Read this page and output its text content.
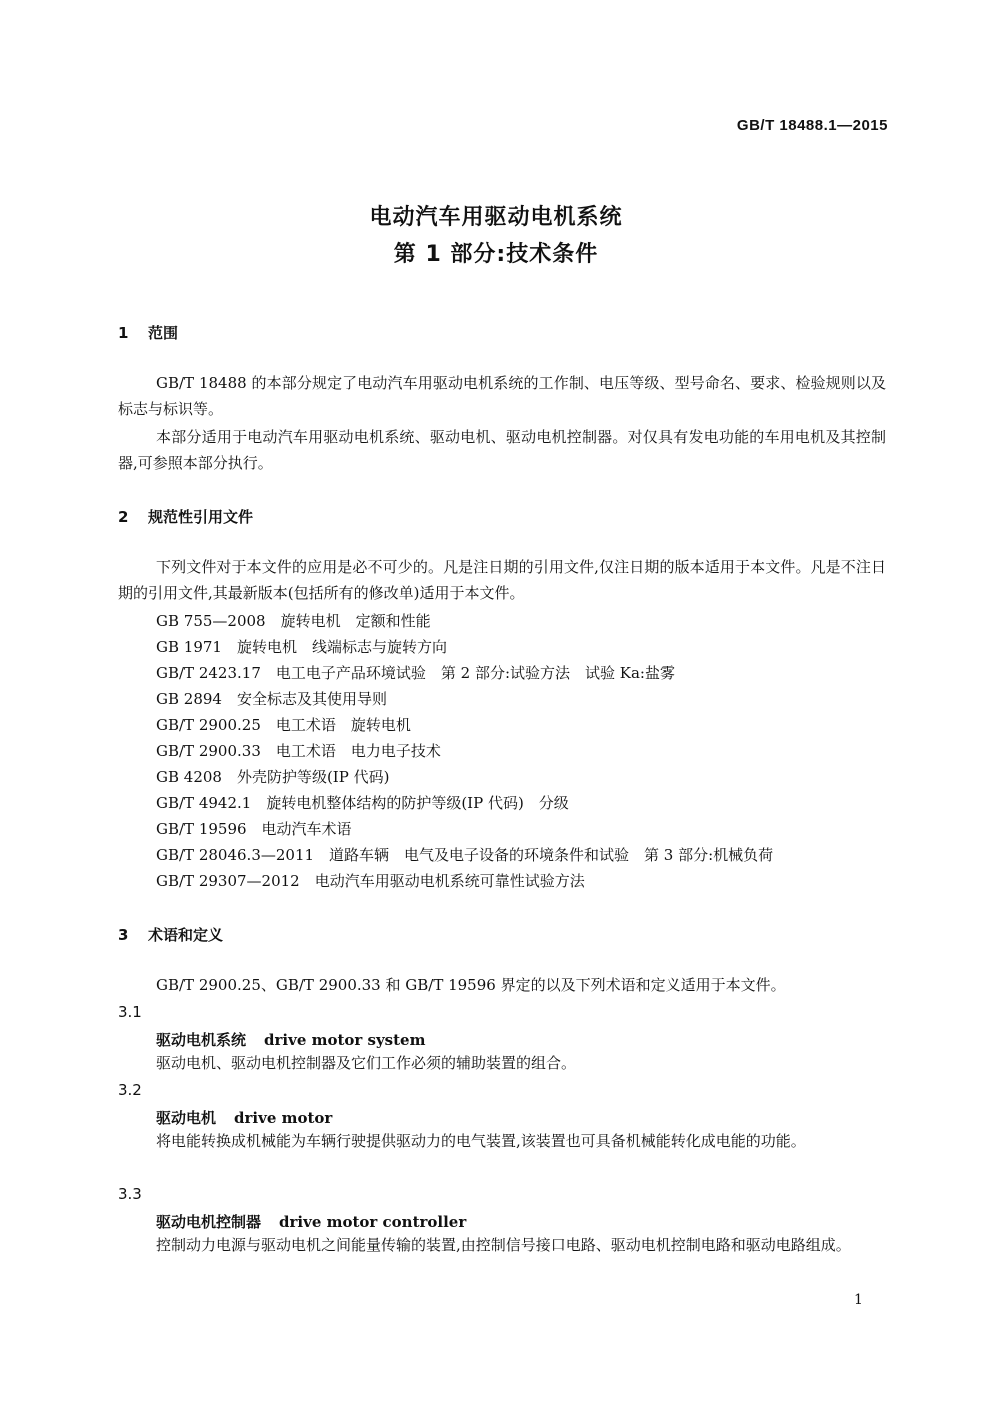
GB/T 18488.1—2015
电动汽车用驱动电机系统
第 1 部分:技术条件
1 范围
GB/T 18488 的本部分规定了电动汽车用驱动电机系统的工作制、电压等级、型号命名、要求、检验规则以及标志与标识等。
本部分适用于电动汽车用驱动电机系统、驱动电机、驱动电机控制器。对仅具有发电功能的车用电机及其控制器,可参照本部分执行。
2 规范性引用文件
下列文件对于本文件的应用是必不可少的。凡是注日期的引用文件,仅注日期的版本适用于本文件。凡是不注日期的引用文件,其最新版本(包括所有的修改单)适用于本文件。
GB 755—2008　旋转电机　定额和性能
GB 1971　旋转电机　线端标志与旋转方向
GB/T 2423.17　电工电子产品环境试验　第 2 部分:试验方法　试验 Ka:盐雾
GB 2894　安全标志及其使用导则
GB/T 2900.25　电工术语　旋转电机
GB/T 2900.33　电工术语　电力电子技术
GB 4208　外壳防护等级(IP 代码)
GB/T 4942.1　旋转电机整体结构的防护等级(IP 代码)　分级
GB/T 19596　电动汽车术语
GB/T 28046.3—2011　道路车辆　电气及电子设备的环境条件和试验　第 3 部分:机械负荷
GB/T 29307—2012　电动汽车用驱动电机系统可靠性试验方法
3 术语和定义
GB/T 2900.25、GB/T 2900.33 和 GB/T 19596 界定的以及下列术语和定义适用于本文件。
3.1
驱动电机系统 drive motor system
驱动电机、驱动电机控制器及它们工作必须的辅助装置的组合。
3.2
驱动电机 drive motor
将电能转换成机械能为车辆行驶提供驱动力的电气装置,该装置也可具备机械能转化成电能的功能。
3.3
驱动电机控制器 drive motor controller
控制动力电源与驱动电机之间能量传输的装置,由控制信号接口电路、驱动电机控制电路和驱动电路组成。
1
